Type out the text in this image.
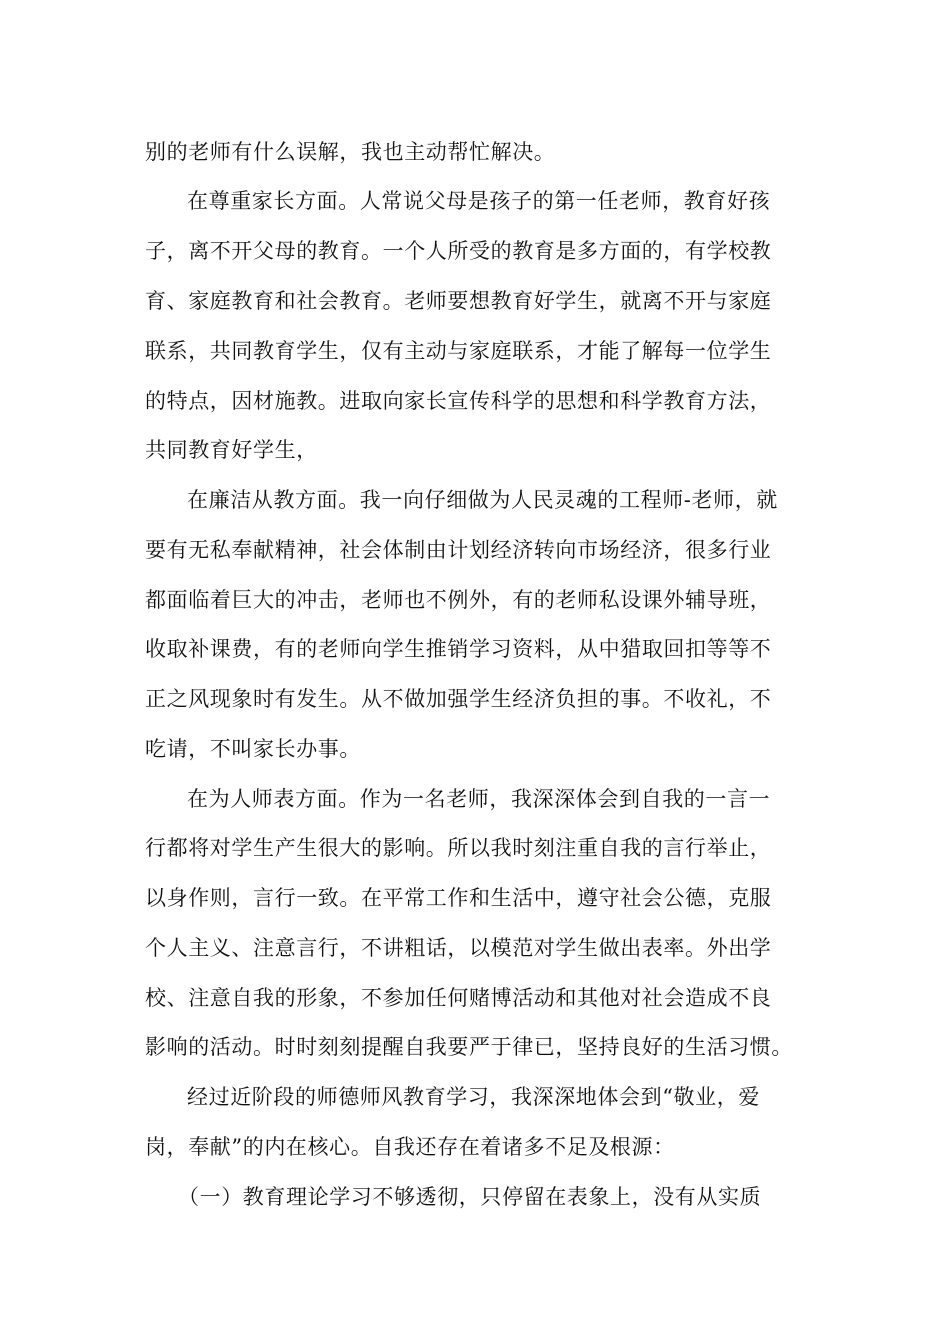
别的老师有什么误解，我也主动帮忙解决。
在尊重家长方面。人常说父母是孩子的第一任老师，教育好孩
子，离不开父母的教育。一个人所受的教育是多方面的，有学校教
育、家庭教育和社会教育。老师要想教育好学生，就离不开与家庭
联系，共同教育学生，仅有主动与家庭联系，才能了解每一位学生
的特点，因材施教。进取向家长宣传科学的思想和科学教育方法，
共同教育好学生，
在廉洁从教方面。我一向仔细做为人民灵魂的工程师-老师，就
要有无私奉献精神，社会体制由计划经济转向市场经济，很多行业
都面临着巨大的冲击，老师也不例外，有的老师私设课外辅导班，
收取补课费，有的老师向学生推销学习资料，从中猎取回扣等等不
正之风现象时有发生。从不做加强学生经济负担的事。不收礼，不
吃请，不叫家长办事。
在为人师表方面。作为一名老师，我深深体会到自我的一言一
行都将对学生产生很大的影响。所以我时刻注重自我的言行举止，
以身作则，言行一致。在平常工作和生活中，遵守社会公德，克服
个人主义、注意言行，不讲粗话，以模范对学生做出表率。外出学
校、注意自我的形象，不参加任何赌博活动和其他对社会造成不良
影响的活动。时时刻刻提醒自我要严于律已，坚持良好的生活习惯。
经过近阶段的师德师风教育学习，我深深地体会到“敬业，爱
岗，奉献”的内在核心。自我还存在着诸多不足及根源：
（一）教育理论学习不够透彻，只停留在表象上，没有从实质
